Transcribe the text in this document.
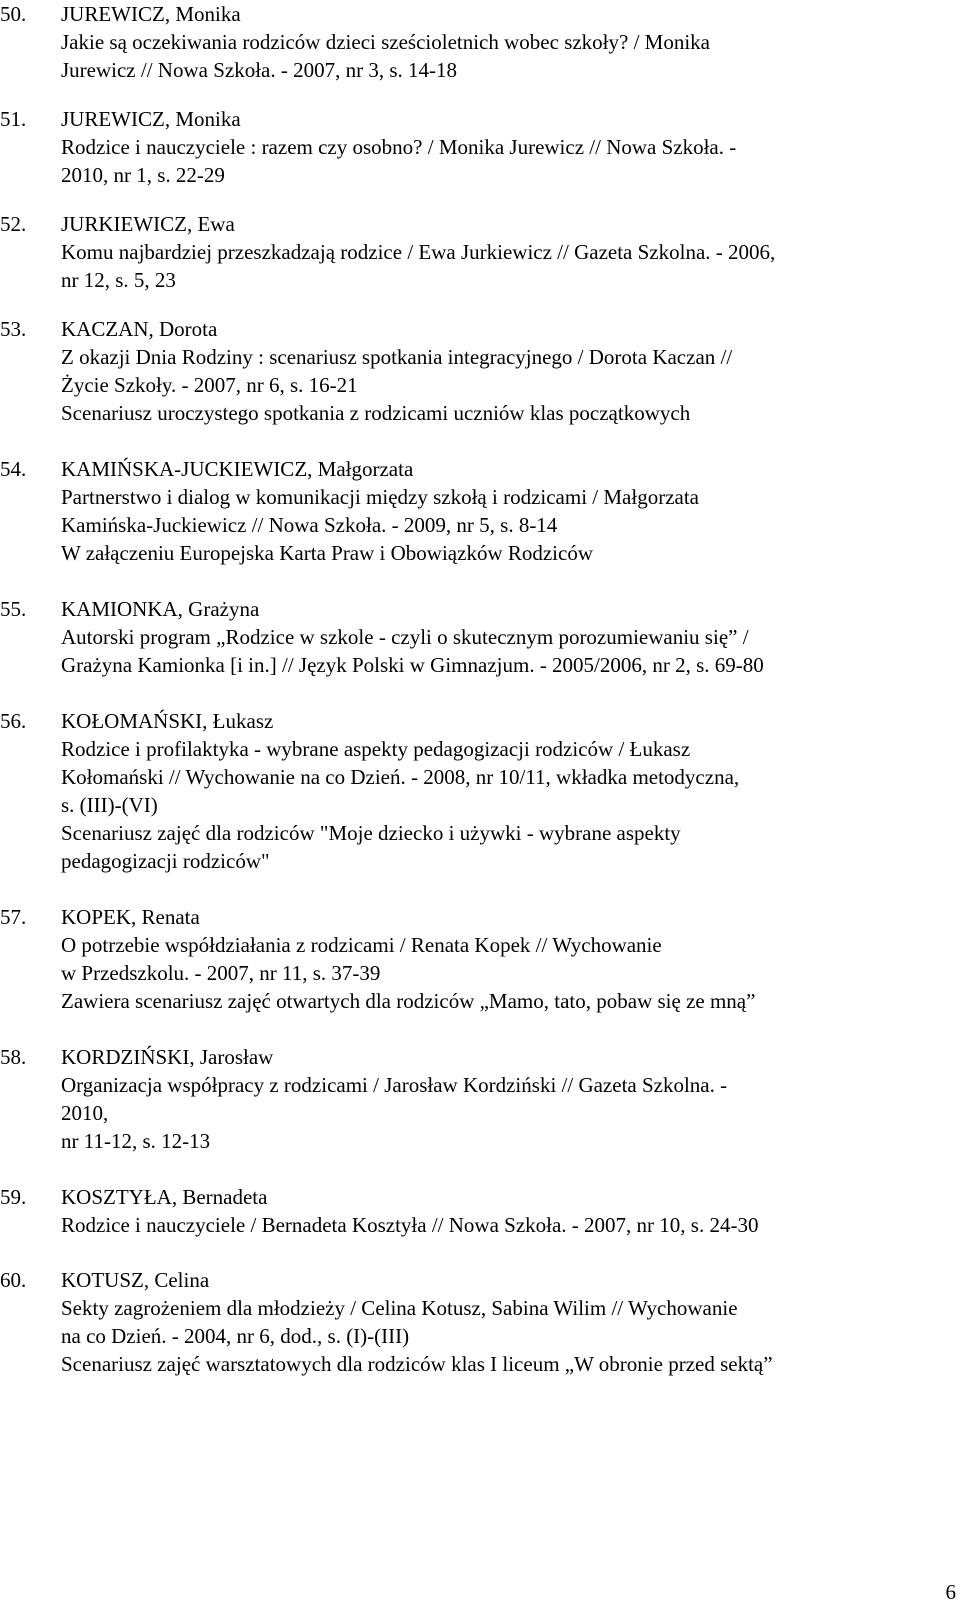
50. JUREWICZ, Monika
Jakie są oczekiwania rodziców dzieci sześcioletnich wobec szkoły? / Monika
Jurewicz // Nowa Szkoła. - 2007, nr 3, s. 14-18
51. JUREWICZ, Monika
Rodzice i nauczyciele : razem czy osobno? / Monika Jurewicz // Nowa Szkoła. -
2010, nr 1, s. 22-29
52. JURKIEWICZ, Ewa
Komu najbardziej przeszkadzają rodzice / Ewa Jurkiewicz // Gazeta Szkolna. - 2006,
nr 12, s. 5, 23
53. KACZAN, Dorota
Z okazji Dnia Rodziny : scenariusz spotkania integracyjnego / Dorota Kaczan //
Życie Szkoły. - 2007, nr 6, s. 16-21
Scenariusz uroczystego spotkania z rodzicami uczniów klas początkowych
54. KAMIŃSKA-JUCKIEWICZ, Małgorzata
Partnerstwo i dialog w komunikacji między szkołą i rodzicami / Małgorzata
Kamińska-Juckiewicz // Nowa Szkoła. - 2009, nr 5, s. 8-14
W załączeniu Europejska Karta Praw i Obowiązków Rodziców
55. KAMIONKA, Grażyna
Autorski program „Rodzice w szkole - czyli o skutecznym porozumiewaniu się” /
Grażyna Kamionka [i in.] // Język Polski w Gimnazjum. - 2005/2006, nr 2, s. 69-80
56. KOŁOMAŃSKI, Łukasz
Rodzice i profilaktyka - wybrane aspekty pedagogizacji rodziców / Łukasz
Kołomański // Wychowanie na co Dzień. - 2008, nr 10/11, wkładka metodyczna,
s. (III)-(VI)
Scenariusz zajęć dla rodziców "Moje dziecko i używki - wybrane aspekty
pedagogizacji rodziców"
57. KOPEK, Renata
O potrzebie współdziałania z rodzicami / Renata Kopek // Wychowanie
w Przedszkolu. - 2007, nr 11, s. 37-39
Zawiera scenariusz zajęć otwartych dla rodziców „Mamo, tato, pobaw się ze mną”
58. KORDZIŃSKI, Jarosław
Organizacja współpracy z rodzicami / Jarosław Kordziński // Gazeta Szkolna. -
2010,
nr 11-12, s. 12-13
59. KOSZTYŁA, Bernadeta
Rodzice i nauczyciele / Bernadeta Kosztyła // Nowa Szkoła. - 2007, nr 10, s. 24-30
60. KOTUSZ, Celina
Sekty zagrożeniem dla młodzieży / Celina Kotusz, Sabina Wilim // Wychowanie
na co Dzień. - 2004, nr 6, dod., s. (I)-(III)
Scenariusz zajęć warsztatowych dla rodziców klas I liceum „W obronie przed sektą”
6
